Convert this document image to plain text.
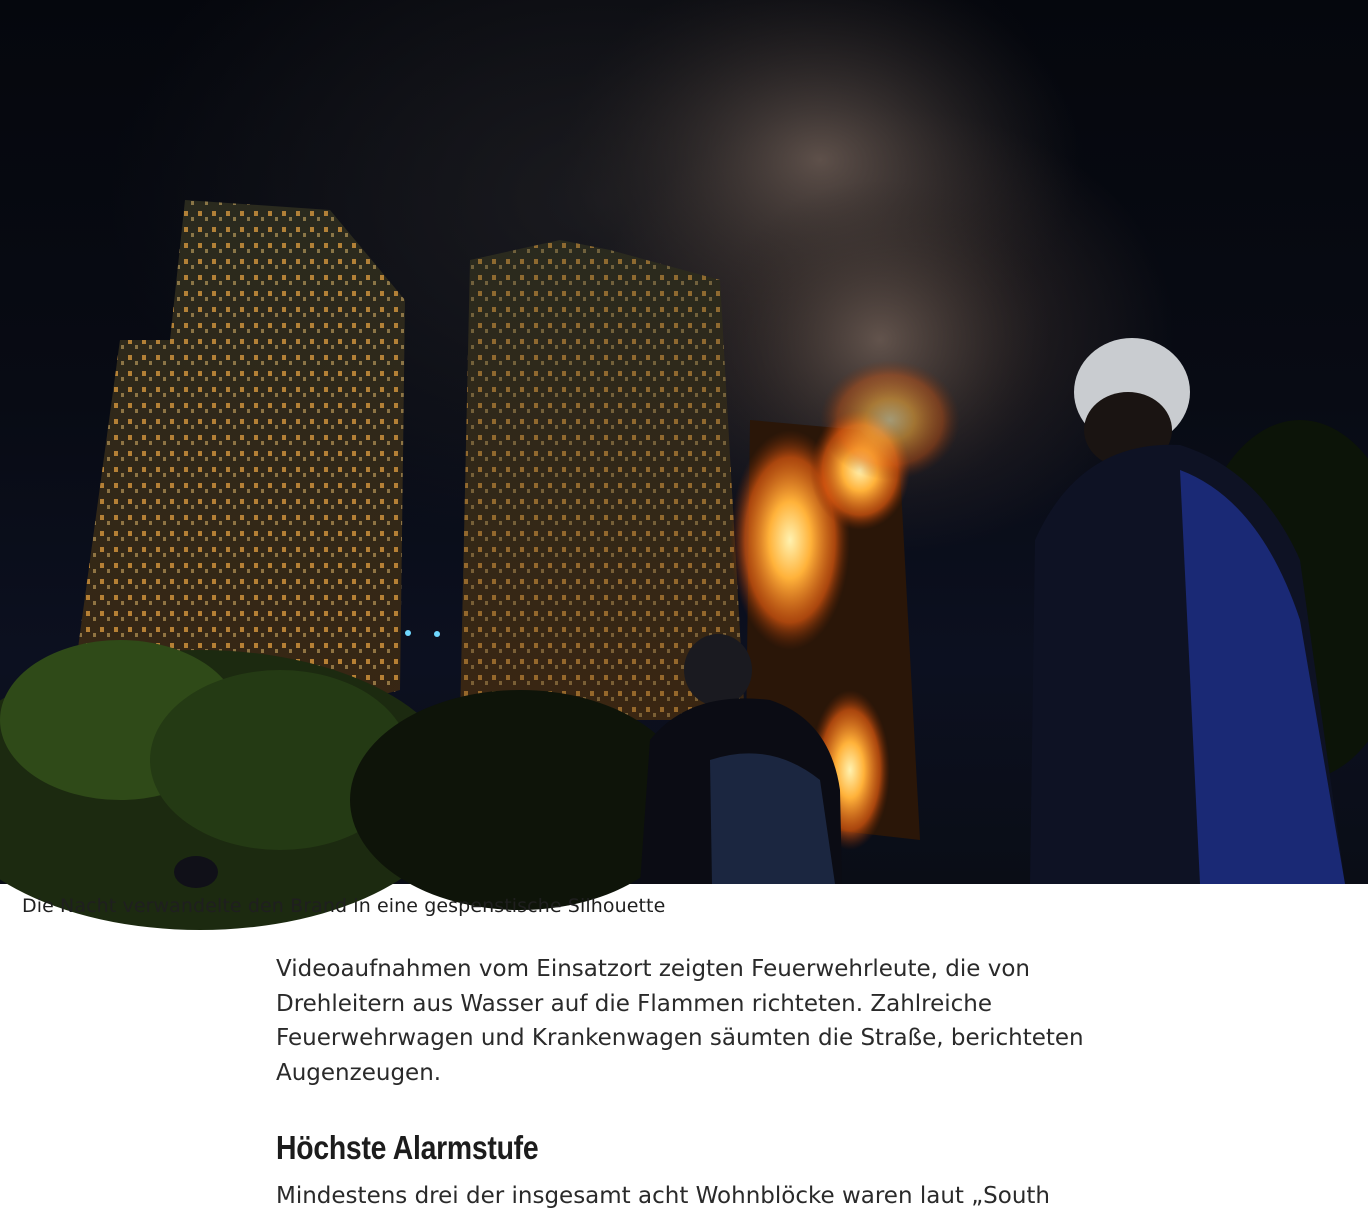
Die Nacht verwandelte den Brand in eine gespenstische Silhouette

Videoaufnahmen vom Einsatzort zeigten Feuerwehrleute, die von Drehleitern aus Wasser auf die Flammen richteten. Zahlreiche Feuerwehrwagen und Krankenwagen säumten die Straße, berichteten Augenzeugen.

Höchste Alarmstufe

Mindestens drei der insgesamt acht Wohnblöcke waren laut „South
